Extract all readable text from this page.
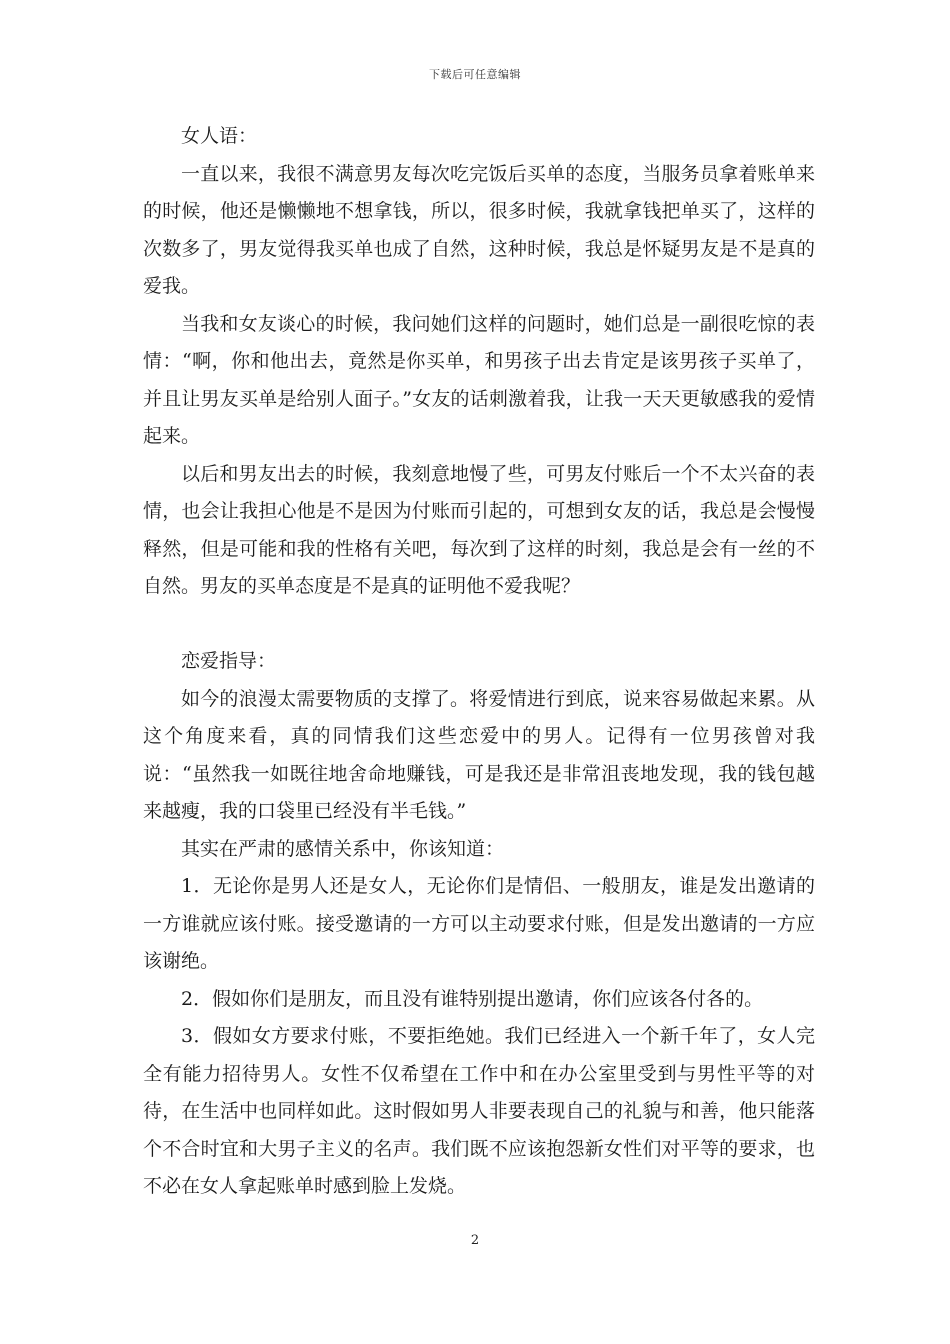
下载后可任意编辑

女人语：

一直以来，我很不满意男友每次吃完饭后买单的态度，当服务员拿着账单来的时候，他还是懒懒地不想拿钱，所以，很多时候，我就拿钱把单买了，这样的次数多了，男友觉得我买单也成了自然，这种时候，我总是怀疑男友是不是真的爱我。

当我和女友谈心的时候，我问她们这样的问题时，她们总是一副很吃惊的表情：“啊，你和他出去，竟然是你买单，和男孩子出去肯定是该男孩子买单了，并且让男友买单是给别人面子。”女友的话刺激着我，让我一天天更敏感我的爱情起来。

以后和男友出去的时候，我刻意地慢了些，可男友付账后一个不太兴奋的表情，也会让我担心他是不是因为付账而引起的，可想到女友的话，我总是会慢慢释然，但是可能和我的性格有关吧，每次到了这样的时刻，我总是会有一丝的不自然。男友的买单态度是不是真的证明他不爱我呢？

恋爱指导：

如今的浪漫太需要物质的支撑了。将爱情进行到底，说来容易做起来累。从这个角度来看，真的同情我们这些恋爱中的男人。记得有一位男孩曾对我说：“虽然我一如既往地舍命地赚钱，可是我还是非常沮丧地发现，我的钱包越来越瘦，我的口袋里已经没有半毛钱。”

其实在严肃的感情关系中，你该知道：

1．无论你是男人还是女人，无论你们是情侣、一般朋友，谁是发出邀请的一方谁就应该付账。接受邀请的一方可以主动要求付账，但是发出邀请的一方应该谢绝。

2．假如你们是朋友，而且没有谁特别提出邀请，你们应该各付各的。

3．假如女方要求付账，不要拒绝她。我们已经进入一个新千年了，女人完全有能力招待男人。女性不仅希望在工作中和在办公室里受到与男性平等的对待，在生活中也同样如此。这时假如男人非要表现自己的礼貌与和善，他只能落个不合时宜和大男子主义的名声。我们既不应该抱怨新女性们对平等的要求，也不必在女人拿起账单时感到脸上发烧。

2
